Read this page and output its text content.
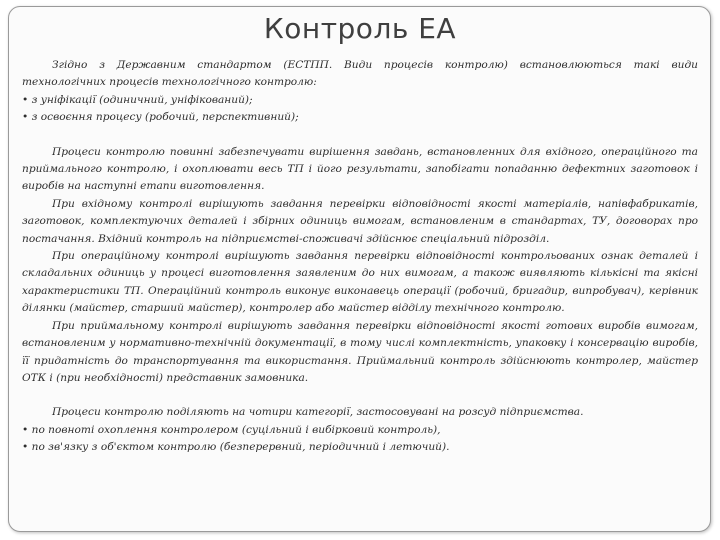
Контроль ЕА

Згідно з Державним стандартом (ЕСТПП. Види процесів контролю) встановлюються такі види технологічних процесів технологічного контролю:

• з уніфікації (одиничний, уніфікований);

• з освоєння процесу (робочий, перспективний);

Процеси контролю повинні забезпечувати вирішення завдань, встановленних для вхідного, операційного та приймального контролю, і охоплювати весь ТП і його результати, запобігати попаданню дефектних заготовок і виробів на наступні етапи виготовлення.

При вхідному контролі вирішують завдання перевірки відповідності якості матеріалів, напівфабрикатів, заготовок, комплектуючих деталей і збірних одиниць вимогам, встановленим в стандартах, ТУ, договорах про постачання. Вхідний контроль на підприємстві-споживачі здійснює спеціальний підрозділ.

При операційному контролі вирішують завдання перевірки відповідності контрольованих ознак деталей і складальних одиниць у процесі виготовлення заявленим до них вимогам, а також виявляють кількісні та якісні характеристики ТП. Операційний контроль виконує виконавець операції (робочий, бригадир, випробувач), керівник ділянки (майстер, старший майстер), контролер або майстер відділу технічного контролю.

При приймальному контролі вирішують завдання перевірки відповідності якості готових виробів вимогам, встановленим у нормативно-технічній документації, в тому числі комплектність, упаковку і консервацію виробів, її придатність до транспортування та використання. Приймальний контроль здійснюють контролер, майстер ОТК і (при необхідності) представник замовника.

Процеси контролю поділяють на чотири категорії, застосовувані на розсуд підприємства.

• по повноті охоплення контролером (суцільний і вибірковий контроль),

• по зв'язку з об'єктом контролю (безперервний, періодичний і летючий).
